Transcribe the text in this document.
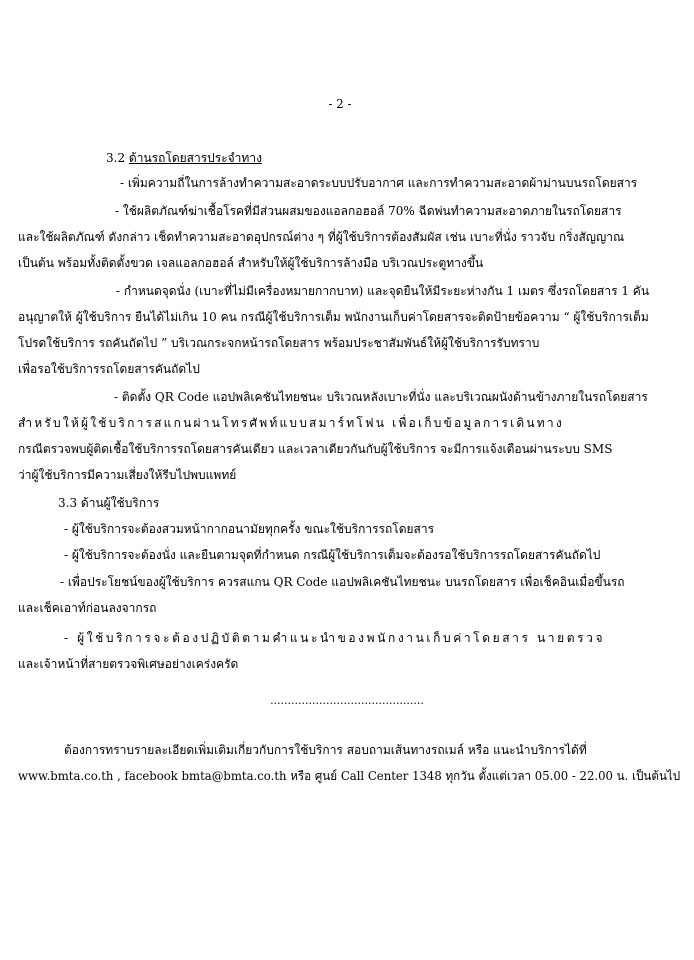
- 2 -
3.2 ด้านรถโดยสารประจำทาง
- เพิ่มความถี่ในการล้างทำความสะอาดระบบปรับอากาศ และการทำความสะอาดผ้าม่านบนรถโดยสาร
- ใช้ผลิตภัณฑ์ฆ่าเชื้อโรคที่มีส่วนผสมของแอลกอฮอล์ 70% ฉีดพ่นทำความสะอาดภายในรถโดยสาร
และใช้ผลิตภัณฑ์ ดังกล่าว เช็ดทำความสะอาดอุปกรณ์ต่าง ๆ ที่ผู้ใช้บริการต้องสัมผัส เช่น เบาะที่นั่ง ราวจับ กริ่งสัญญาณ
เป็นต้น พร้อมทั้งติดตั้งขวด เจลแอลกอฮอล์ สำหรับให้ผู้ใช้บริการล้างมือ บริเวณประตูทางขึ้น
- กำหนดจุดนั่ง (เบาะที่ไม่มีเครื่องหมายกากบาท) และจุดยืนให้มีระยะห่างกัน 1 เมตร ซึ่งรถโดยสาร 1 คัน
อนุญาตให้ ผู้ใช้บริการ ยืนได้ไม่เกิน 10 คน กรณีผู้ใช้บริการเต็ม พนักงานเก็บค่าโดยสารจะติดป้ายข้อความ “ ผู้ใช้บริการเต็ม
โปรดใช้บริการ รถคันถัดไป ” บริเวณกระจกหน้ารถโดยสาร พร้อมประชาสัมพันธ์ให้ผู้ใช้บริการรับทราบ
เพื่อรอใช้บริการรถโดยสารคันถัดไป
- ติดตั้ง QR Code แอปพลิเคชันไทยชนะ บริเวณหลังเบาะที่นั่ง และบริเวณผนังด้านข้างภายในรถโดยสาร
สำหรับให้ผู้ใช้บริการสแกนผ่านโทรศัพท์แบบสมาร์ทโฟน เพื่อเก็บข้อมูลการเดินทาง
กรณีตรวจพบผู้ติดเชื้อใช้บริการรถโดยสารคันเดียว และเวลาเดียวกันกับผู้ใช้บริการ จะมีการแจ้งเตือนผ่านระบบ SMS
ว่าผู้ใช้บริการมีความเสี่ยงให้รีบไปพบแพทย์
3.3 ด้านผู้ใช้บริการ
- ผู้ใช้บริการจะต้องสวมหน้ากากอนามัยทุกครั้ง ขณะใช้บริการรถโดยสาร
- ผู้ใช้บริการจะต้องนั่ง และยืนตามจุดที่กำหนด กรณีผู้ใช้บริการเต็มจะต้องรอใช้บริการรถโดยสารคันถัดไป
- เพื่อประโยชน์ของผู้ใช้บริการ ควรสแกน QR Code แอปพลิเคชันไทยชนะ บนรถโดยสาร เพื่อเช็คอินเมื่อขึ้นรถ
และเช็คเอาท์ก่อนลงจากรถ
- ผู้ใช้บริการจะต้องปฏิบัติตามคำแนะนำของพนักงานเก็บค่าโดยสาร นายตรวจ
และเจ้าหน้าที่สายตรวจพิเศษอย่างเคร่งครัด
............................................
ต้องการทราบรายละเอียดเพิ่มเติมเกี่ยวกับการใช้บริการ สอบถามเส้นทางรถเมล์ หรือ แนะนำบริการได้ที่
www.bmta.co.th , facebook bmta@bmta.co.th หรือ ศูนย์ Call Center 1348 ทุกวัน ตั้งแต่เวลา 05.00 - 22.00 น. เป็นต้นไป
